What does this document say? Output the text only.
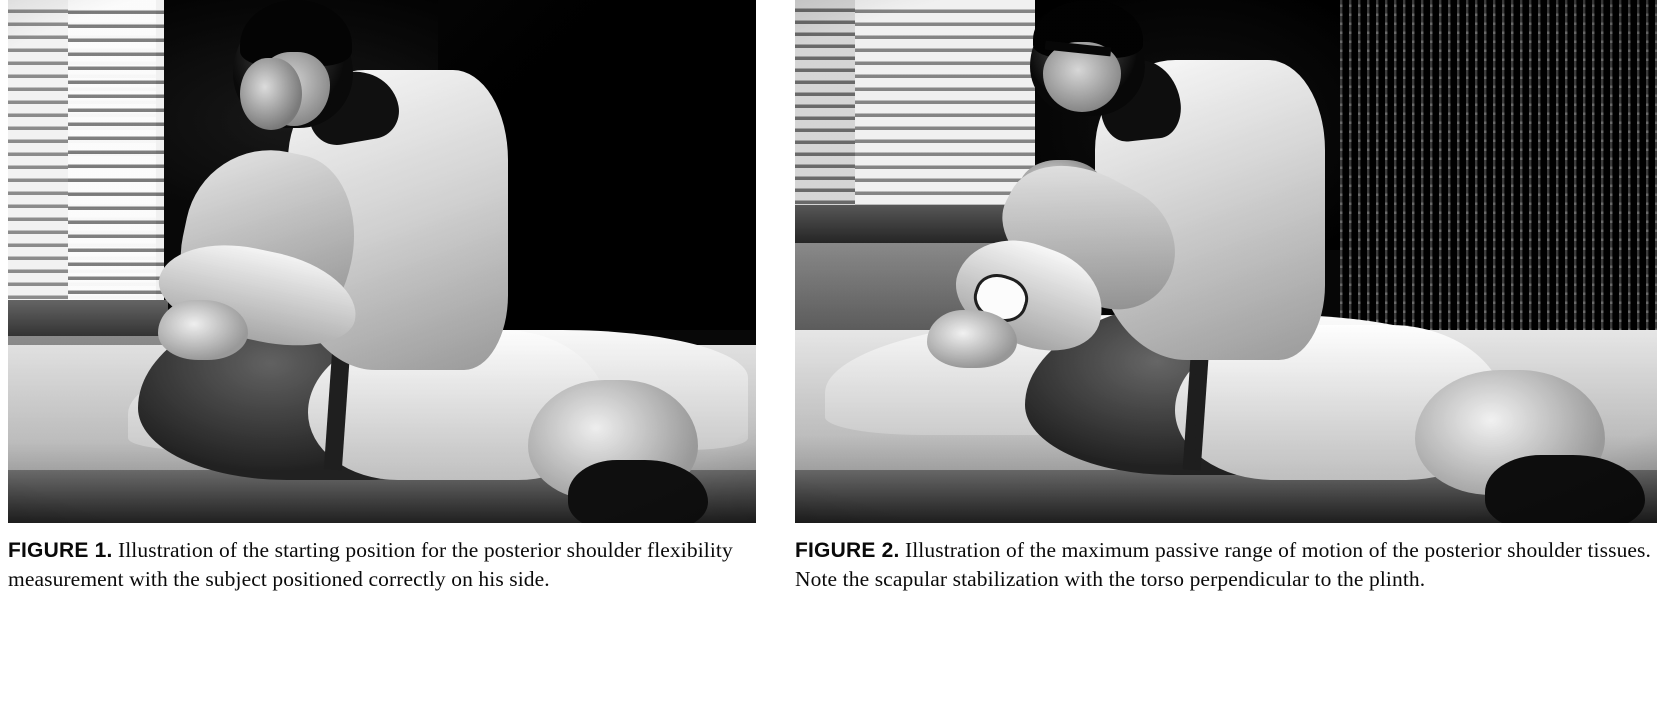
FIGURE 1. Illustration of the starting position for the posterior shoulder flexibility measurement with the subject positioned correctly on his side.
FIGURE 2. Illustration of the maximum passive range of motion of the posterior shoulder tissues. Note the scapular stabilization with the torso perpendicular to the plinth.
